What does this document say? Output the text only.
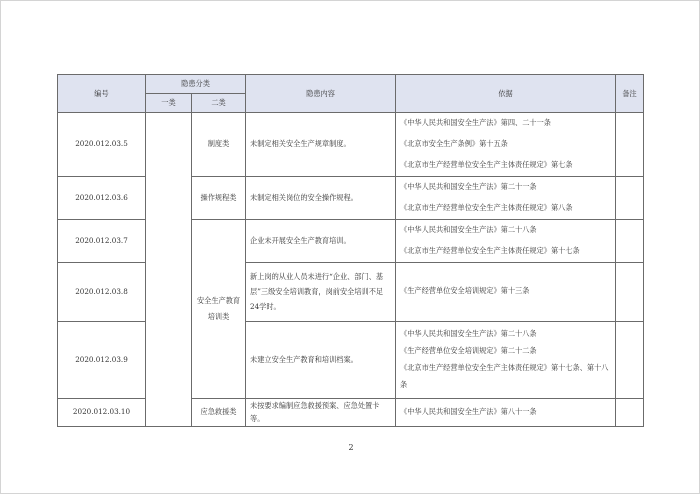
编号	隐患分类		隐患内容	依据	备注
	一类	二类			
2020.012.03.5		制度类	未制定相关安全生产规章制度。	《中华人民共和国安全生产法》第四、二十一条
《北京市安全生产条例》第十五条
《北京市生产经营单位安全生产主体责任规定》第七条	

2020.012.03.6		操作规程类	未制定相关岗位的安全操作规程。	《中华人民共和国安全生产法》第二十一条
《北京市生产经营单位安全生产主体责任规定》第八条	

2020.012.03.7		安全生产教育培训类	企业未开展安全生产教育培训。	《中华人民共和国安全生产法》第二十八条
《北京市生产经营单位安全生产主体责任规定》第十七条	

2020.012.03.8			新上岗的从业人员未进行“企业、部门、基层”三级安全培训教育，岗前安全培训不足24学时。	《生产经营单位安全培训规定》第十三条	

2020.012.03.9			未建立安全生产教育和培训档案。	《中华人民共和国安全生产法》第二十八条
《生产经营单位安全培训规定》第二十二条
《北京市生产经营单位安全生产主体责任规定》第十七条、第十八条	

2020.012.03.10		应急救援类	未按要求编制应急救援预案、应急处置卡等。	《中华人民共和国安全生产法》第八十一条	

2
